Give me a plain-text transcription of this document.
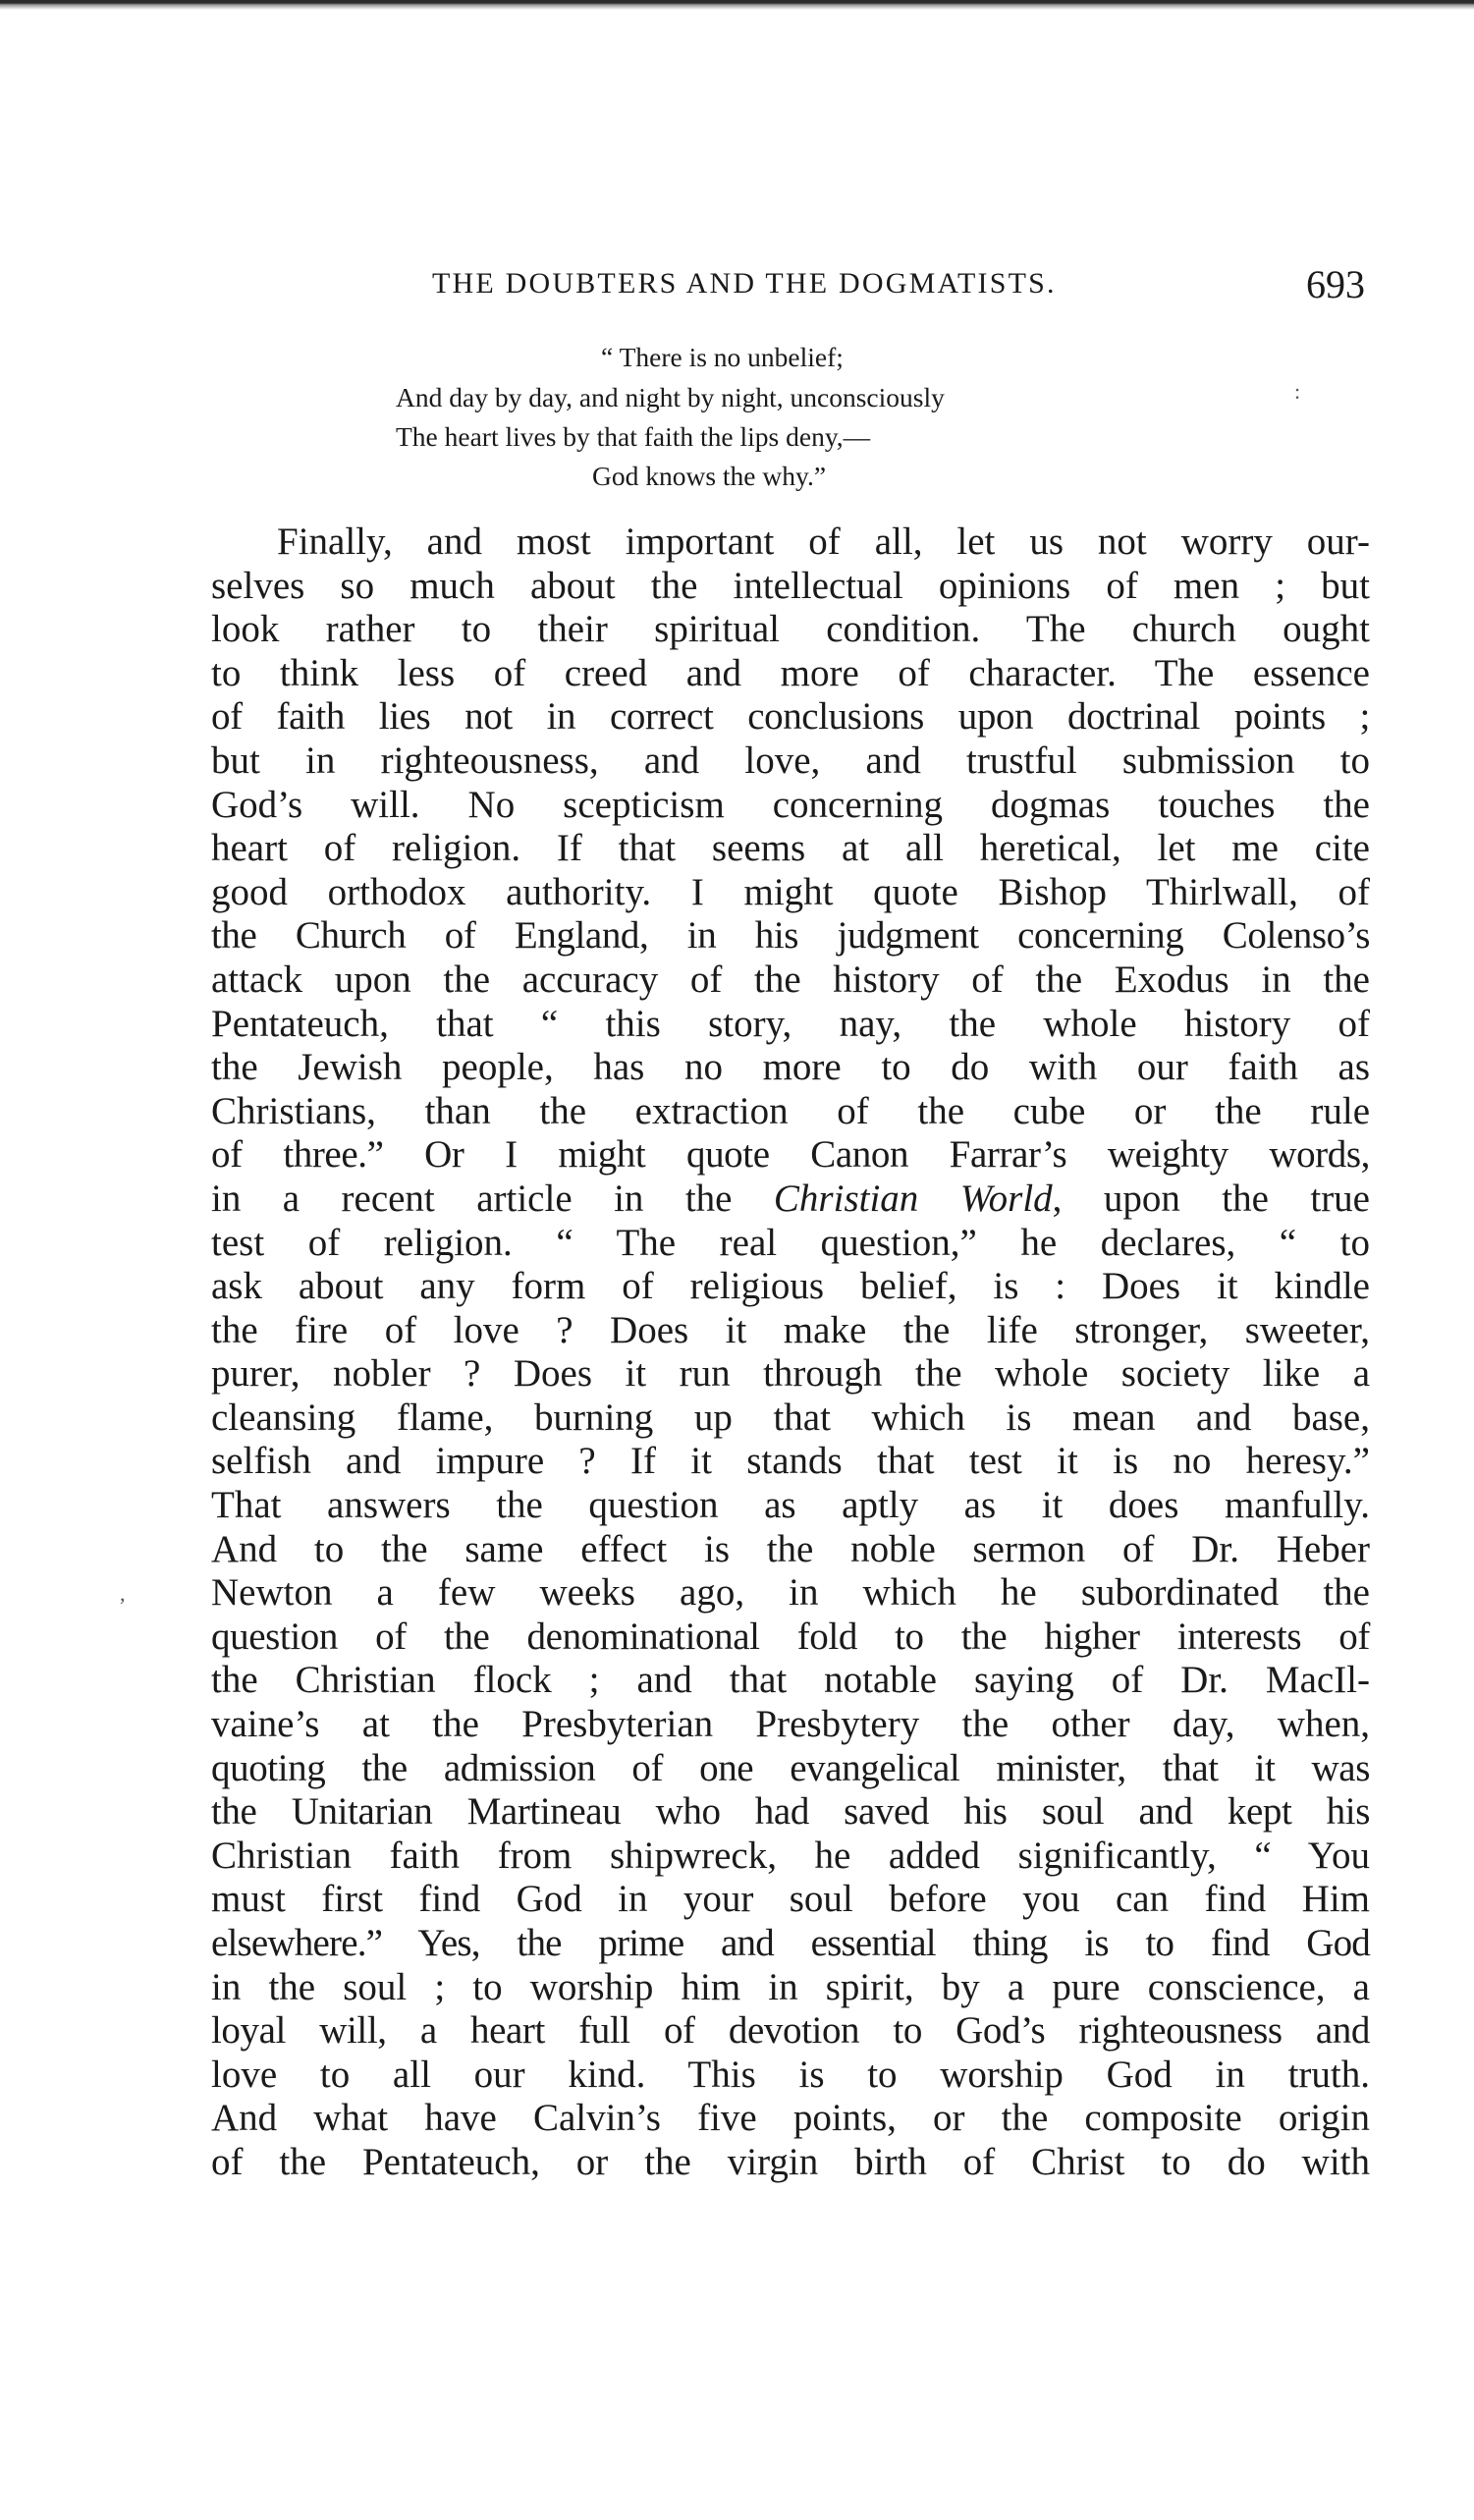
THE DOUBTERS AND THE DOGMATISTS.	693
“ There is no unbelief;
And day by day, and night by night, unconsciously
The heart lives by that faith the lips deny,—
God knows the why.”
:
,
Finally, and most important of all, let us not worry our-
selves so much about the intellectual opinions of men ; but
look rather to their spiritual condition. The church ought
to think less of creed and more of character. The essence
of faith lies not in correct conclusions upon doctrinal points ;
but in righteousness, and love, and trustful submission to
God’s will. No scepticism concerning dogmas touches the
heart of religion. If that seems at all heretical, let me cite
good orthodox authority. I might quote Bishop Thirlwall, of
the Church of England, in his judgment concerning Colenso’s
attack upon the accuracy of the history of the Exodus in the
Pentateuch, that “ this story, nay, the whole history of
the Jewish people, has no more to do with our faith as
Christians, than the extraction of the cube or the rule
of three.” Or I might quote Canon Farrar’s weighty words,
in a recent article in the Christian World, upon the true
test of religion. “ The real question,” he declares, “ to
ask about any form of religious belief, is : Does it kindle
the fire of love ? Does it make the life stronger, sweeter,
purer, nobler ? Does it run through the whole society like a
cleansing flame, burning up that which is mean and base,
selfish and impure ? If it stands that test it is no heresy.”
That answers the question as aptly as it does manfully.
And to the same effect is the noble sermon of Dr. Heber
Newton a few weeks ago, in which he subordinated the
question of the denominational fold to the higher interests of
the Christian flock ; and that notable saying of Dr. MacIl-
vaine’s at the Presbyterian Presbytery the other day, when,
quoting the admission of one evangelical minister, that it was
the Unitarian Martineau who had saved his soul and kept his
Christian faith from shipwreck, he added significantly, “ You
must first find God in your soul before you can find Him
elsewhere.” Yes, the prime and essential thing is to find God
in the soul ; to worship him in spirit, by a pure conscience, a
loyal will, a heart full of devotion to God’s righteousness and
love to all our kind. This is to worship God in truth.
And what have Calvin’s five points, or the composite origin
of the Pentateuch, or the virgin birth of Christ to do with
